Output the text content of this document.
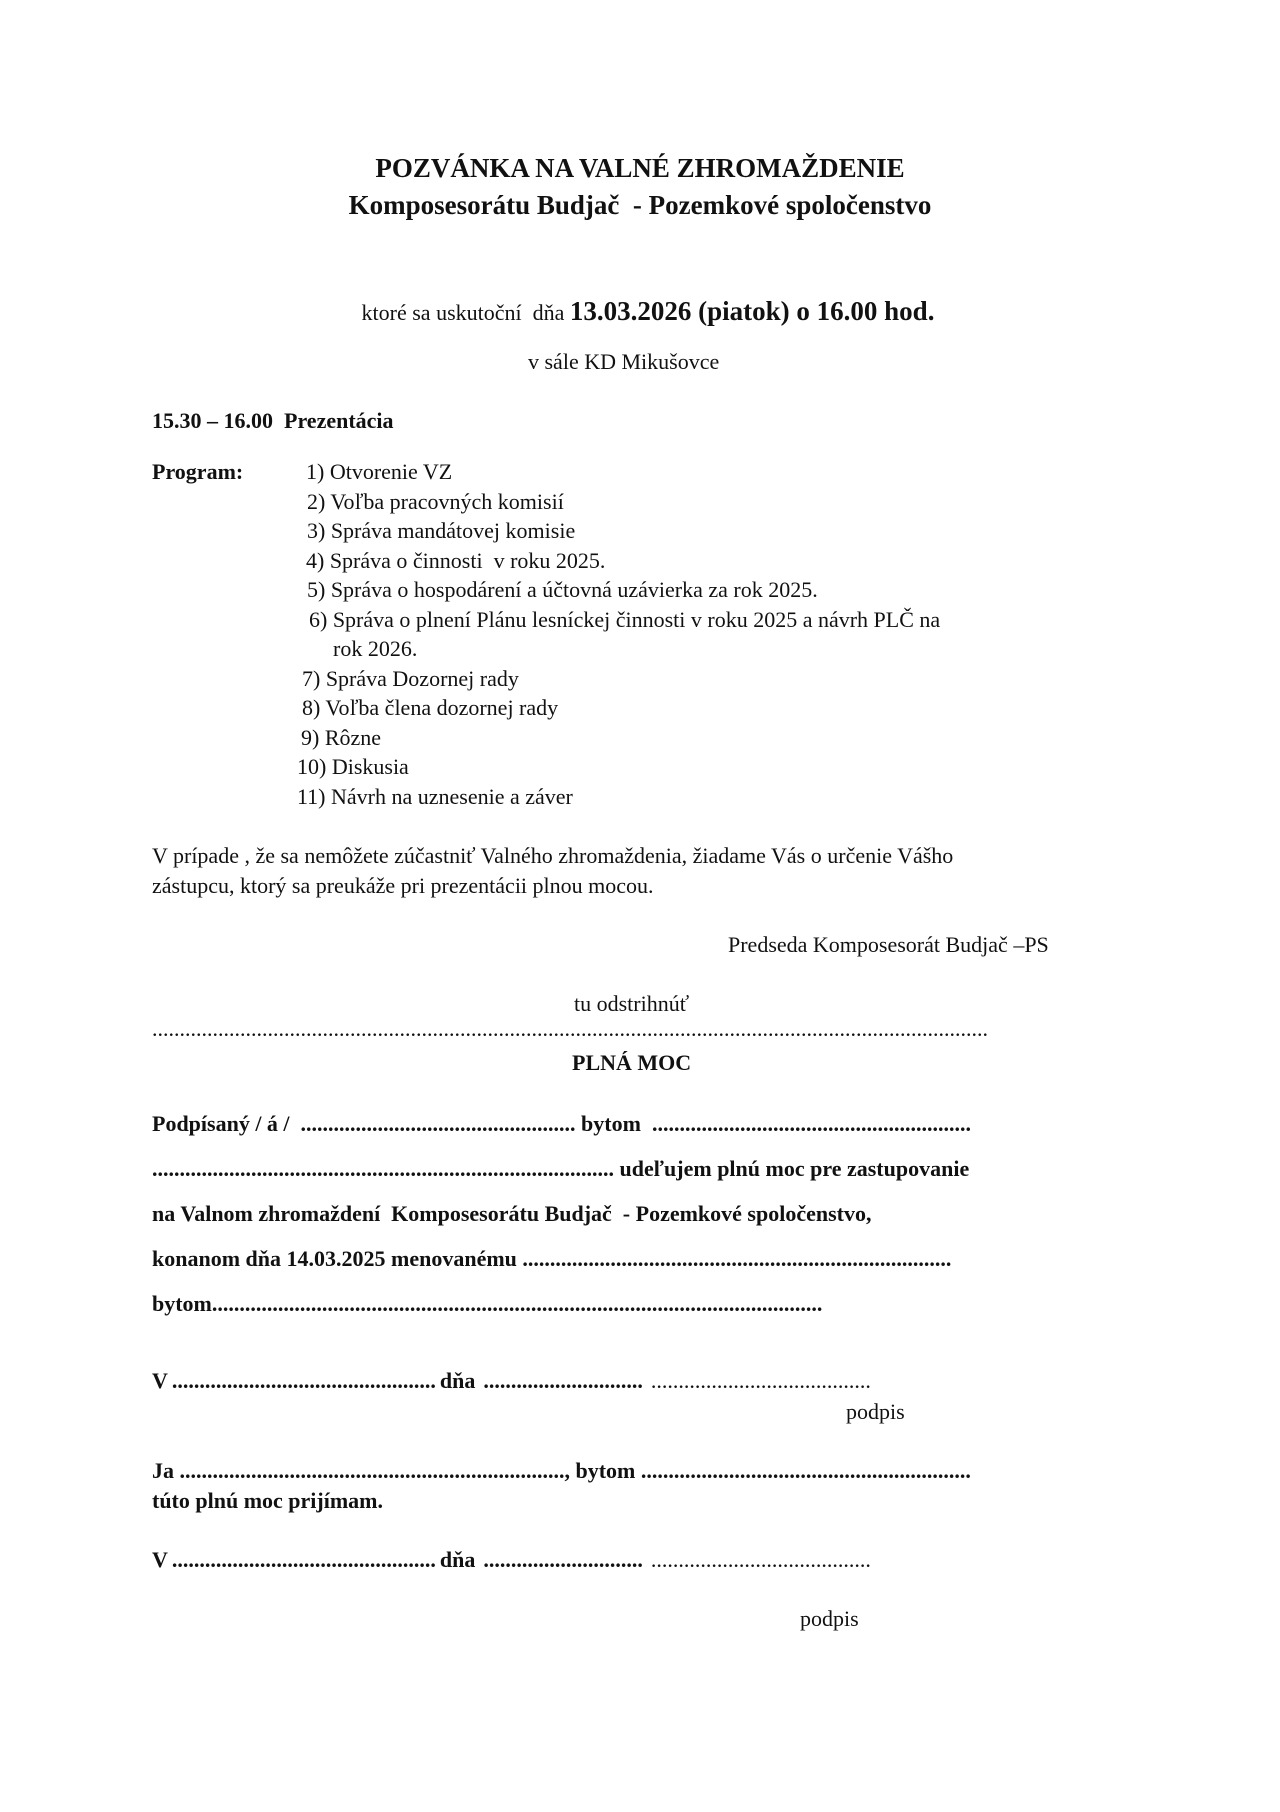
POZVÁNKA NA VALNÉ ZHROMAŽDENIE
Komposesorátu Budjač  - Pozemkové spoločenstvo

ktoré sa uskutoční  dňa 13.03.2026 (piatok) o 16.00 hod.

v sále KD Mikušovce
15.30 – 16.00 Prezentácia
Program:	1) Otvorenie VZ
2) Voľba pracovných komisií
3) Správa mandátovej komisie
4) Správa o činnosti  v roku 2025.
5) Správa o hospodárení a účtovná uzávierka za rok 2025.
6) Správa o plnení Plánu lesníckej činnosti v roku 2025 a návrh PLČ na
rok 2026.
7) Správa Dozornej rady
8) Voľba člena dozornej rady
9) Rôzne
10) Diskusia
11) Návrh na uznesenie a záver
V prípade , že sa nemôžete zúčastniť Valného zhromaždenia, žiadame Vás o určenie Vášho
zástupcu, ktorý sa preukáže pri prezentácii plnou mocou.
Predseda Komposesorát Budjač –PS
tu odstrihnúť
........................................................................................................................................................
PLNÁ MOC
Podpísaný / á / .................................................. bytom ..........................................................
.................................................................................... udeľujem plnú moc pre zastupovanie
na Valnom zhromaždení  Komposesorátu Budjač  - Pozemkové spoločenstvo,
konanom dňa 14.03.2025 menovanému ..............................................................................
bytom...............................................................................................................
V ................................................ dňa ............................. ........................................
podpis
Ja ......................................................................, bytom ............................................................
túto plnú moc prijímam.
V ................................................ dňa ............................. ........................................
podpis
